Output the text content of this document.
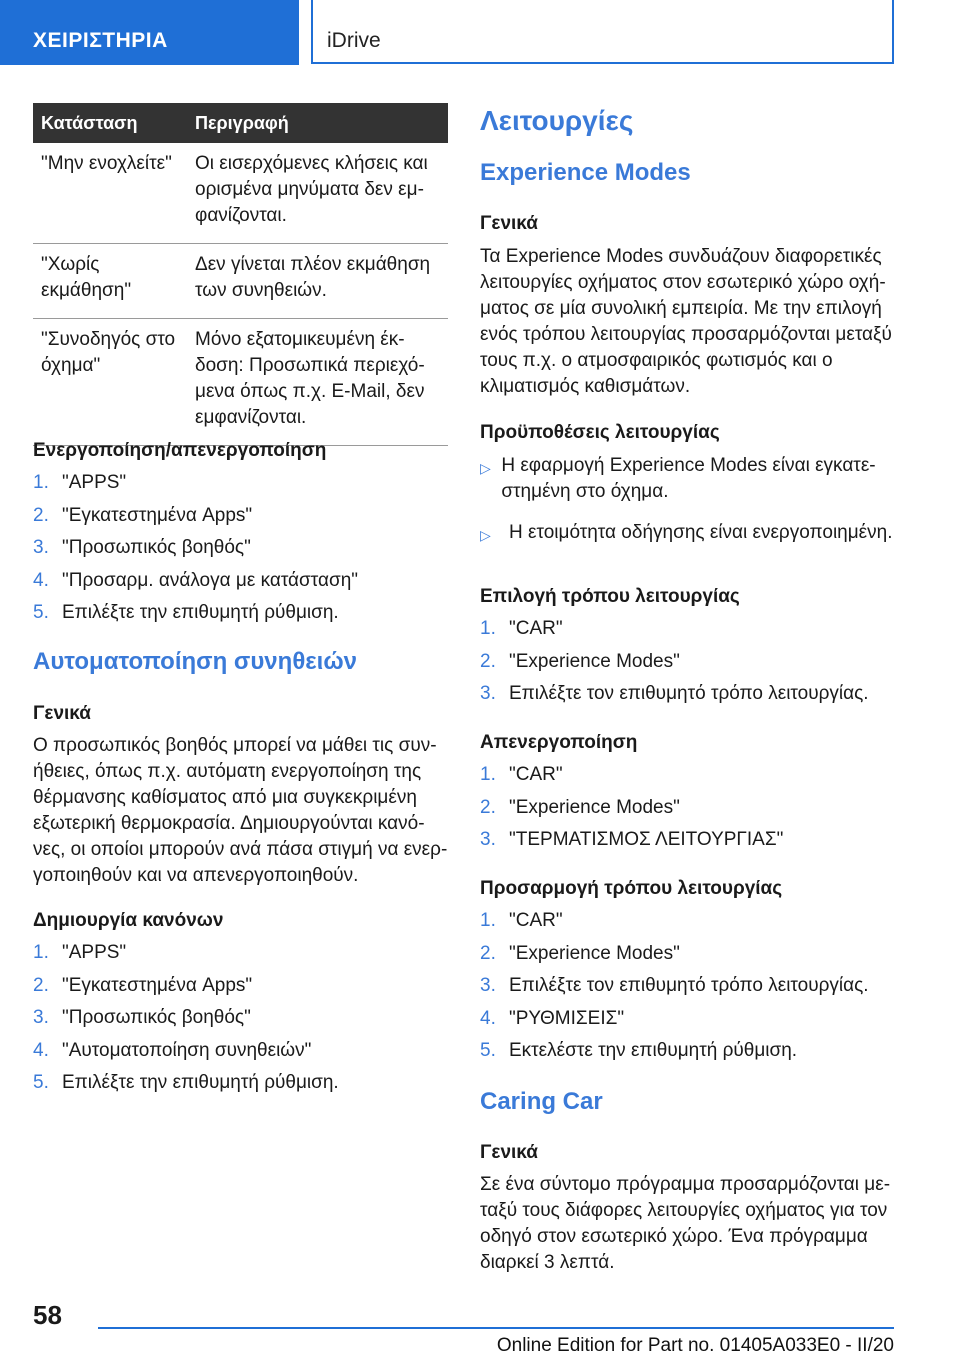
ΧΕΙΡΙΣΤΗΡΙΑ	iDrive
Κατάσταση	Περιγραφή
"Μην ενοχλείτε"	Οι εισερχόμενες κλήσεις και ορισμένα μηνύματα δεν εμφανίζονται.
"Χωρίς εκμάθηση"	Δεν γίνεται πλέον εκμάθηση των συνηθειών.
"Συνοδηγός στο όχημα"	Μόνο εξατομικευμένη έκδοση: Προσωπικά περιεχόμενα όπως π.χ. E-Mail, δεν εμφανίζονται.
Ενεργοποίηση/απενεργοποίηση
1. "APPS"
2. "Εγκατεστημένα Apps"
3. "Προσωπικός βοηθός"
4. "Προσαρμ. ανάλογα με κατάσταση"
5. Επιλέξτε την επιθυμητή ρύθμιση.
Αυτοματοποίηση συνηθειών
Γενικά

Ο προσωπικός βοηθός μπορεί να μάθει τις συνήθειες, όπως π.χ. αυτόματη ενεργοποίηση της θέρμανσης καθίσματος από μια συγκεκριμένη εξωτερική θερμοκρασία. Δημιουργούνται κανόνες, οι οποίοι μπορούν ανά πάσα στιγμή να ενεργοποιηθούν και να απενεργοποιηθούν.

Δημιουργία κανόνων
1. "APPS"
2. "Εγκατεστημένα Apps"
3. "Προσωπικός βοηθός"
4. "Αυτοματοποίηση συνηθειών"
5. Επιλέξτε την επιθυμητή ρύθμιση.
Λειτουργίες
Experience Modes
Γενικά

Τα Experience Modes συνδυάζουν διαφορετικές λειτουργίες οχήματος στον εσωτερικό χώρο οχήματος σε μία συνολική εμπειρία. Με την επιλογή ενός τρόπου λειτουργίας προσαρμόζονται μεταξύ τους π.χ. ο ατμοσφαιρικός φωτισμός και ο κλιματισμός καθισμάτων.

Προϋποθέσεις λειτουργίας
▷ Η εφαρμογή Experience Modes είναι εγκατεστημένη στο όχημα.
▷ Η ετοιμότητα οδήγησης είναι ενεργοποιημένη.
Επιλογή τρόπου λειτουργίας
1. "CAR"
2. "Experience Modes"
3. Επιλέξτε τον επιθυμητό τρόπο λειτουργίας.
Απενεργοποίηση
1. "CAR"
2. "Experience Modes"
3. "ΤΕΡΜΑΤΙΣΜΟΣ ΛΕΙΤΟΥΡΓΙΑΣ"
Προσαρμογή τρόπου λειτουργίας
1. "CAR"
2. "Experience Modes"
3. Επιλέξτε τον επιθυμητό τρόπο λειτουργίας.
4. "ΡΥΘΜΙΣΕΙΣ"
5. Εκτελέστε την επιθυμητή ρύθμιση.
Caring Car
Γενικά

Σε ένα σύντομο πρόγραμμα προσαρμόζονται μεταξύ τους διάφορες λειτουργίες οχήματος για τον οδηγό στον εσωτερικό χώρο. Ένα πρόγραμμα διαρκεί 3 λεπτά.

58
Online Edition for Part no. 01405A033E0 - II/20
